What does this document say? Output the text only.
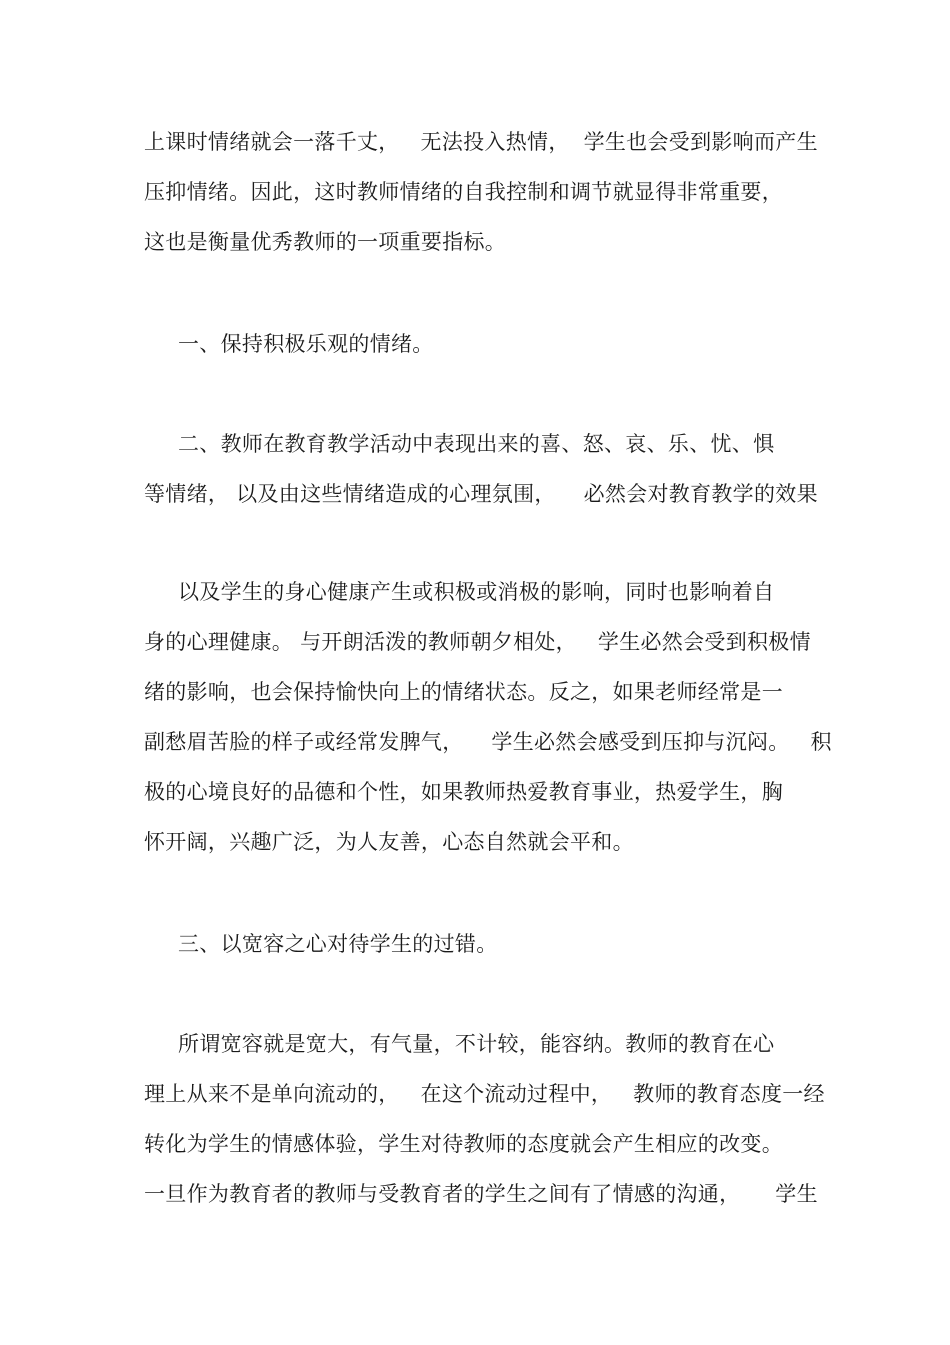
上课时情绪就会一落千丈，   无法投入热情，  学生也会受到影响而产生
压抑情绪。因此，这时教师情绪的自我控制和调节就显得非常重要，
这也是衡量优秀教师的一项重要指标。
一、保持积极乐观的情绪。
二、教师在教育教学活动中表现出来的喜、怒、哀、乐、忧、惧
等情绪， 以及由这些情绪造成的心理氛围，    必然会对教育教学的效果
以及学生的身心健康产生或积极或消极的影响，同时也影响着自
身的心理健康。 与开朗活泼的教师朝夕相处，   学生必然会受到积极情
绪的影响，也会保持愉快向上的情绪状态。反之，如果老师经常是一
副愁眉苦脸的样子或经常发脾气，    学生必然会感受到压抑与沉闷。   积
极的心境良好的品德和个性，如果教师热爱教育事业，热爱学生，胸
怀开阔，兴趣广泛，为人友善，心态自然就会平和。
三、以宽容之心对待学生的过错。
所谓宽容就是宽大，有气量，不计较，能容纳。教师的教育在心
理上从来不是单向流动的，   在这个流动过程中，   教师的教育态度一经
转化为学生的情感体验，学生对待教师的态度就会产生相应的改变。
一旦作为教育者的教师与受教育者的学生之间有了情感的沟通，     学生
